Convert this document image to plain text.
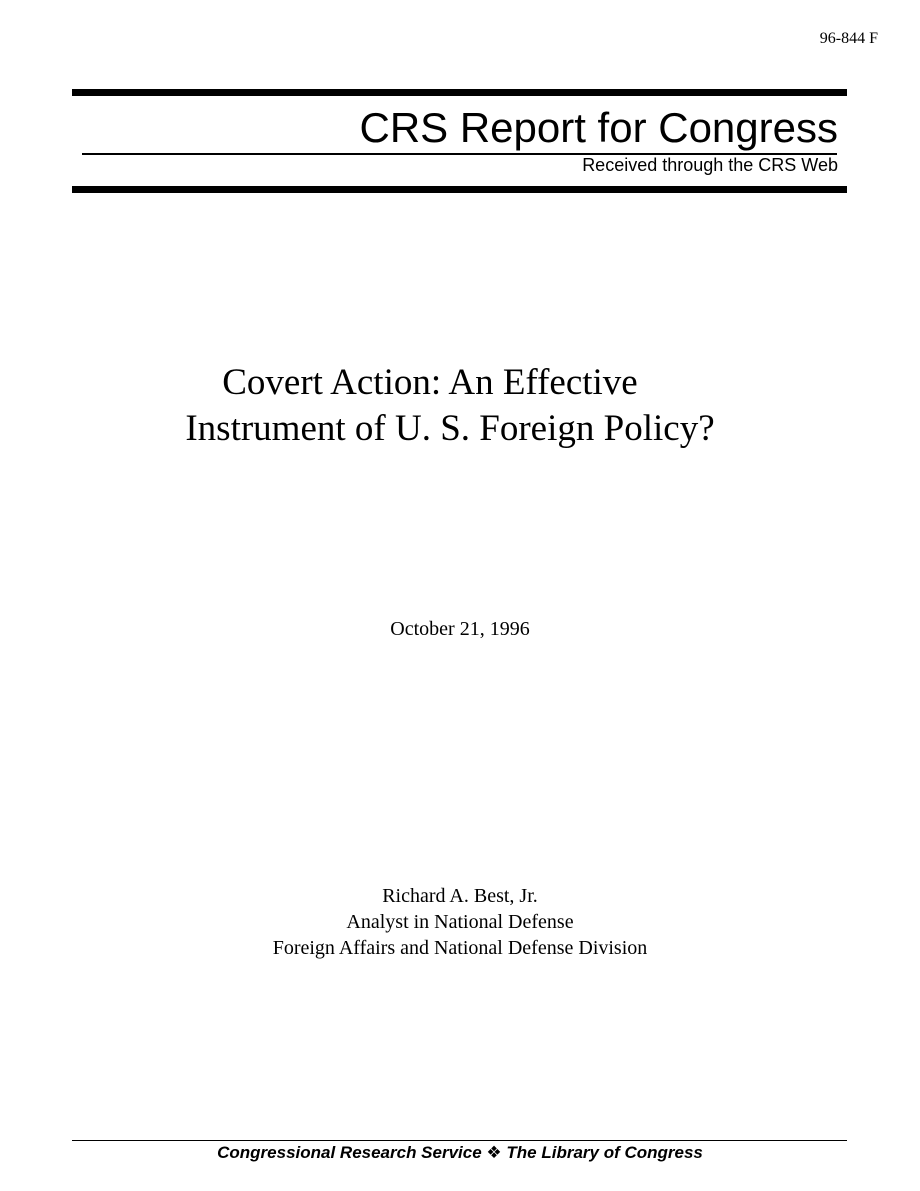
96-844 F
CRS Report for Congress
Received through the CRS Web
Covert Action: An Effective
Instrument of U. S. Foreign Policy?
October 21, 1996
Richard A. Best, Jr.
Analyst in National Defense
Foreign Affairs and National Defense Division
Congressional Research Service ❖ The Library of Congress
